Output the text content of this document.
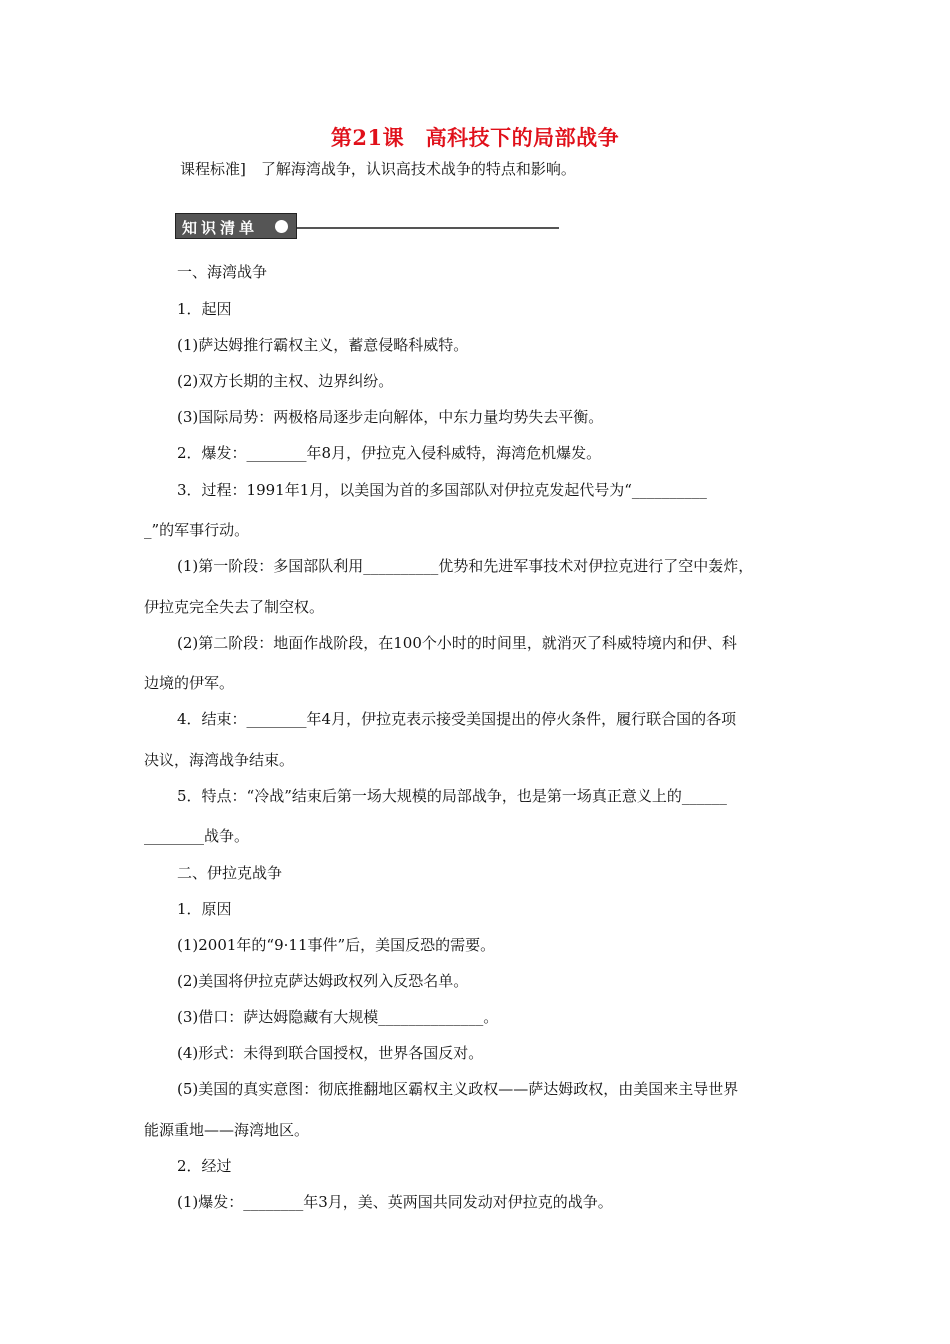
第21课　高科技下的局部战争
课程标准]　了解海湾战争，认识高技术战争的特点和影响。
知识清单
一、海湾战争
1．起因
(1)萨达姆推行霸权主义，蓄意侵略科威特。
(2)双方长期的主权、边界纠纷。
(3)国际局势：两极格局逐步走向解体，中东力量均势失去平衡。
2．爆发：________年8月，伊拉克入侵科威特，海湾危机爆发。
3．过程：1991年1月，以美国为首的多国部队对伊拉克发起代号为“__________
_”的军事行动。
(1)第一阶段：多国部队利用__________优势和先进军事技术对伊拉克进行了空中轰炸，
伊拉克完全失去了制空权。
(2)第二阶段：地面作战阶段，在100个小时的时间里，就消灭了科威特境内和伊、科
边境的伊军。
4．结束：________年4月，伊拉克表示接受美国提出的停火条件，履行联合国的各项
决议，海湾战争结束。
5．特点：“冷战”结束后第一场大规模的局部战争，也是第一场真正意义上的______
________战争。
二、伊拉克战争
1．原因
(1)2001年的“9·11事件”后，美国反恐的需要。
(2)美国将伊拉克萨达姆政权列入反恐名单。
(3)借口：萨达姆隐藏有大规模______________。
(4)形式：未得到联合国授权，世界各国反对。
(5)美国的真实意图：彻底推翻地区霸权主义政权——萨达姆政权，由美国来主导世界
能源重地——海湾地区。
2．经过
(1)爆发：________年3月，美、英两国共同发动对伊拉克的战争。
